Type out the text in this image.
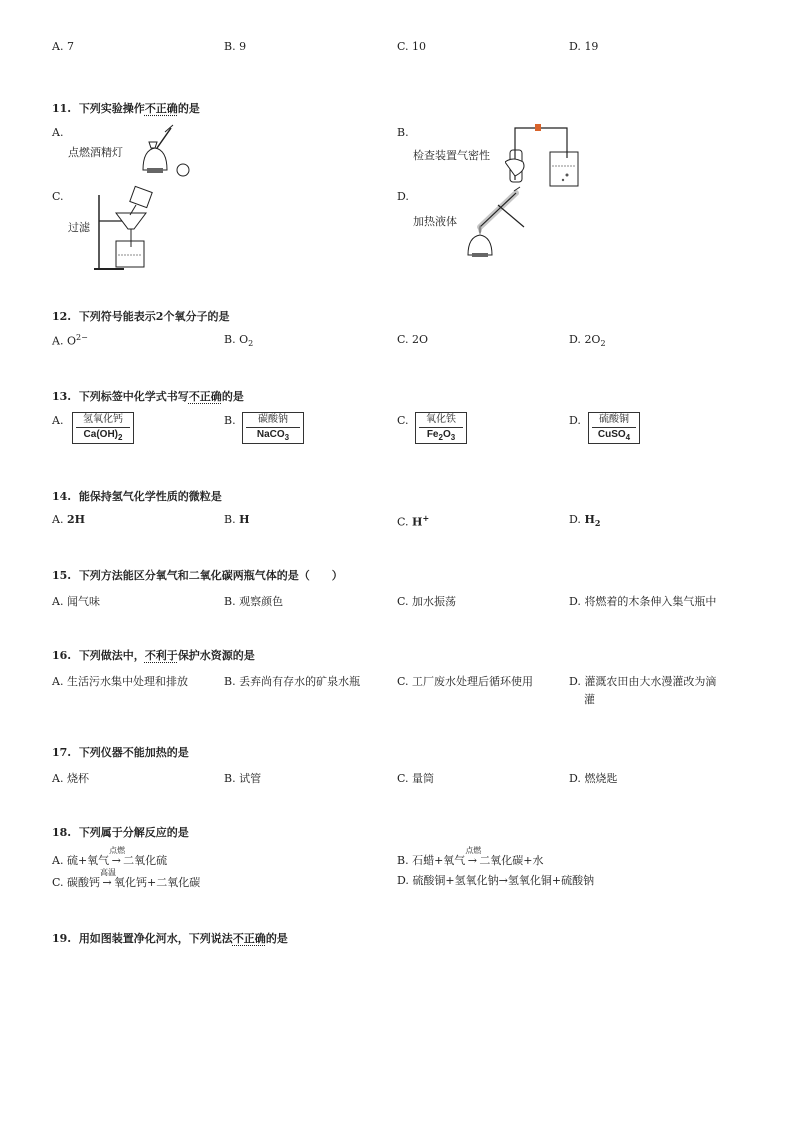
A. 7	B. 9	C. 10	D. 19
11. 下列实验操作不正确的是
A.
点燃酒精灯
B.
检查装置气密性
C.
过滤
D.
加热液体
12. 下列符号能表示2个氧分子的是
A. $O^{2-}$	B. $O_2$	C. 2O	D. $2O_2$
13. 下列标签中化学式书写不正确的是
A.	氢氧化钙
$Ca(OH)_2$
B.	碳酸钠
NaCO$_3$
C.	氧化铁
$Fe_2O_3$
D.	硫酸铜
CuSO$_4$
14. 能保持氢气化学性质的微粒是
A. 2H	B. H	C. H+	D. $H_2$
15. 下列方法能区分氧气和二氧化碳两瓶气体的是（　　）
A. 闻气味	B. 观察颜色	C. 加水振荡	D. 将燃着的木条伸入集气瓶中
16. 下列做法中，不利于保护水资源的是
A. 生活污水集中处理和排放	B. 丢弃尚有存水的矿泉水瓶	C. 工厂废水处理后循环使用	D. 灌溉农田由大水漫灌改为滴
灌
17. 下列仪器不能加热的是
A. 烧杯	B. 试管	C. 量筒	D. 燃烧匙
18. 下列属于分解反应的是
A. 硫+氧气
点燃
→ 二氧化硫	B. 石蜡+氧气
点燃
→ 二氧化碳+水
C. 碳酸钙
高温
→ 氧化钙+二氧化碳	D. 硫酸铜+氢氧化钠→氢氧化铜+硫酸钠
19. 用如图装置净化河水，下列说法不正确的是
